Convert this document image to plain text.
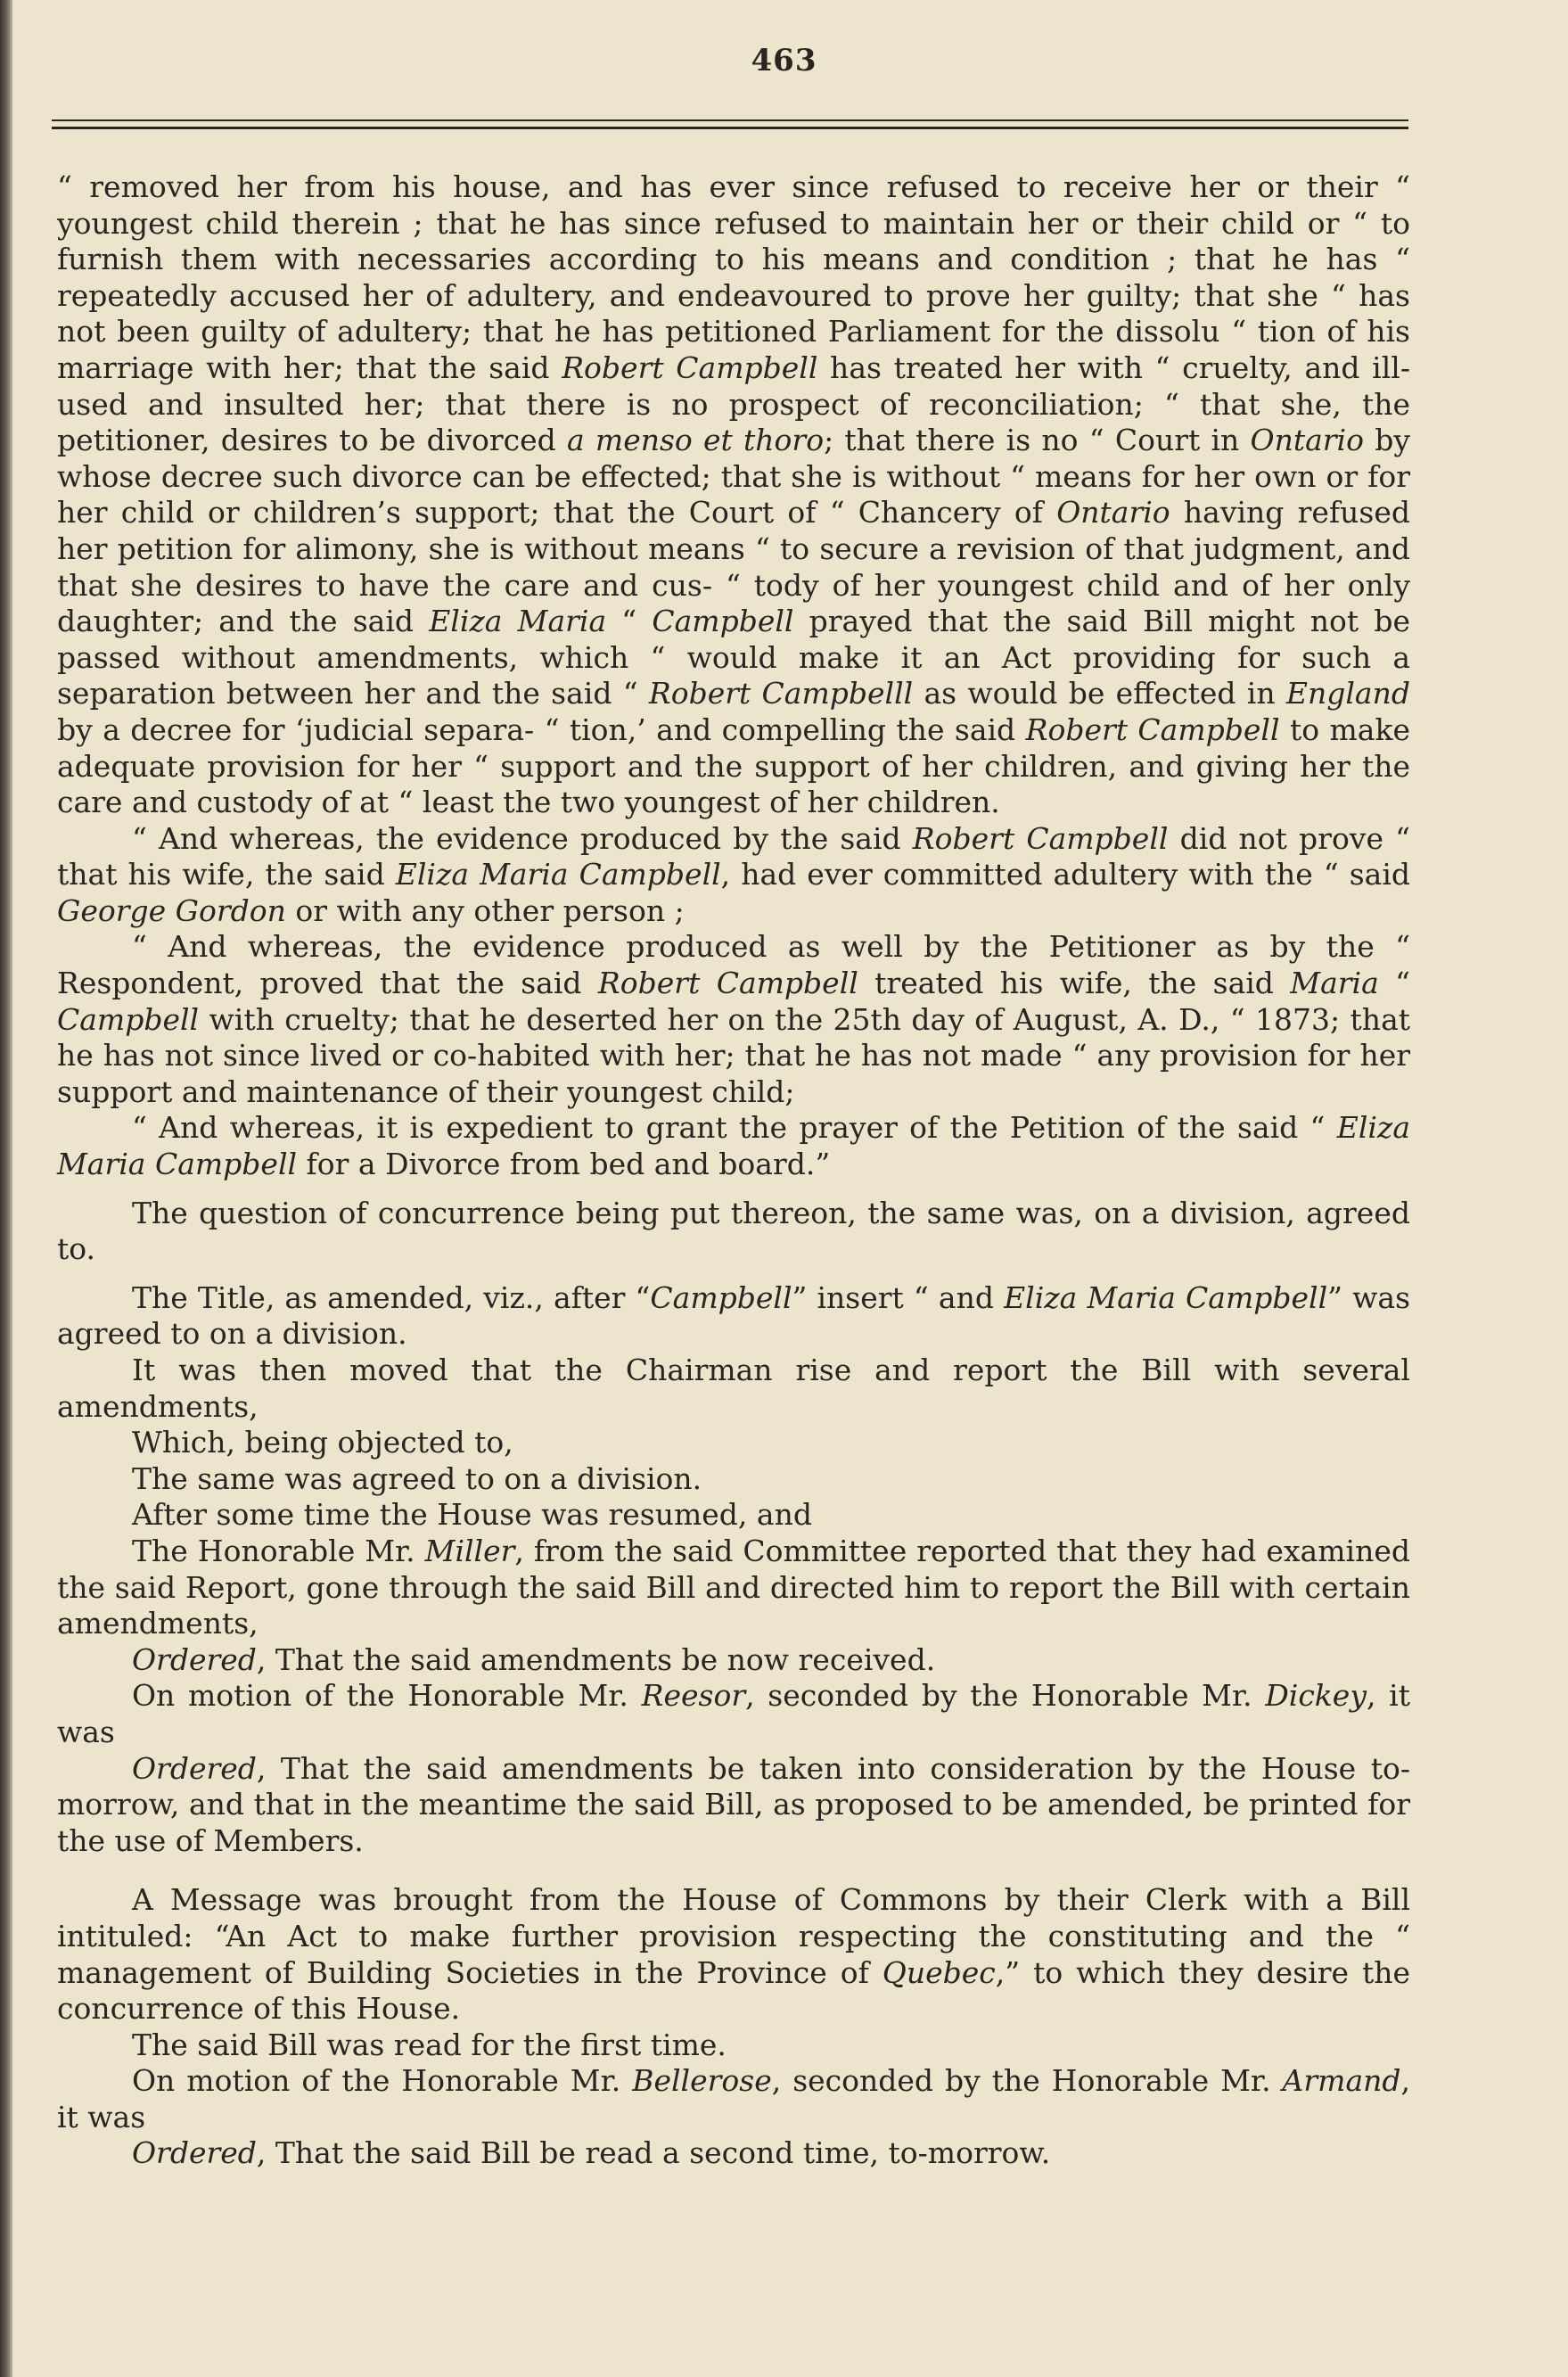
463

“ removed her from his house, and has ever since refused to receive her or their “ youngest child therein ; that he has since refused to maintain her or their child or “ to furnish them with necessaries according to his means and condition ; that he has “ repeatedly accused her of adultery, and endeavoured to prove her guilty; that she “ has not been guilty of adultery; that he has petitioned Parliament for the dissolu “ tion of his marriage with her; that the said Robert Campbell has treated her with “ cruelty, and ill-used and insulted her; that there is no prospect of reconciliation; “ that she, the petitioner, desires to be divorced a menso et thoro; that there is no “ Court in Ontario by whose decree such divorce can be effected; that she is without “ means for her own or for her child or children’s support; that the Court of “ Chancery of Ontario having refused her petition for alimony, she is without means “ to secure a revision of that judgment, and that she desires to have the care and cus- “ tody of her youngest child and of her only daughter; and the said Eliza Maria “ Campbell prayed that the said Bill might not be passed without amendments, which “ would make it an Act providing for such a separation between her and the said “ Robert Campbelll as would be effected in England by a decree for ‘judicial separa- “ tion,’ and compelling the said Robert Campbell to make adequate provision for her “ support and the support of her children, and giving her the care and custody of at “ least the two youngest of her children.

“ And whereas, the evidence produced by the said Robert Campbell did not prove “ that his wife, the said Eliza Maria Campbell, had ever committed adultery with the “ said George Gordon or with any other person ;

“ And whereas, the evidence produced as well by the Petitioner as by the “ Respondent, proved that the said Robert Campbell treated his wife, the said Maria “ Campbell with cruelty; that he deserted her on the 25th day of August, A. D., “ 1873; that he has not since lived or co-habited with her; that he has not made “ any provision for her support and maintenance of their youngest child;

“ And whereas, it is expedient to grant the prayer of the Petition of the said “ Eliza Maria Campbell for a Divorce from bed and board.”

The question of concurrence being put thereon, the same was, on a division, agreed to.

The Title, as amended, viz., after “Campbell” insert “ and Eliza Maria Campbell” was agreed to on a division.

It was then moved that the Chairman rise and report the Bill with several amendments,

Which, being objected to,

The same was agreed to on a division.

After some time the House was resumed, and

The Honorable Mr. Miller, from the said Committee reported that they had examined the said Report, gone through the said Bill and directed him to report the Bill with certain amendments,

Ordered, That the said amendments be now received.

On motion of the Honorable Mr. Reesor, seconded by the Honorable Mr. Dickey, it was

Ordered, That the said amendments be taken into consideration by the House to-morrow, and that in the meantime the said Bill, as proposed to be amended, be printed for the use of Members.

A Message was brought from the House of Commons by their Clerk with a Bill intituled: “An Act to make further provision respecting the constituting and the “ management of Building Societies in the Province of Quebec,” to which they desire the concurrence of this House.

The said Bill was read for the first time.

On motion of the Honorable Mr. Bellerose, seconded by the Honorable Mr. Armand, it was

Ordered, That the said Bill be read a second time, to-morrow.
